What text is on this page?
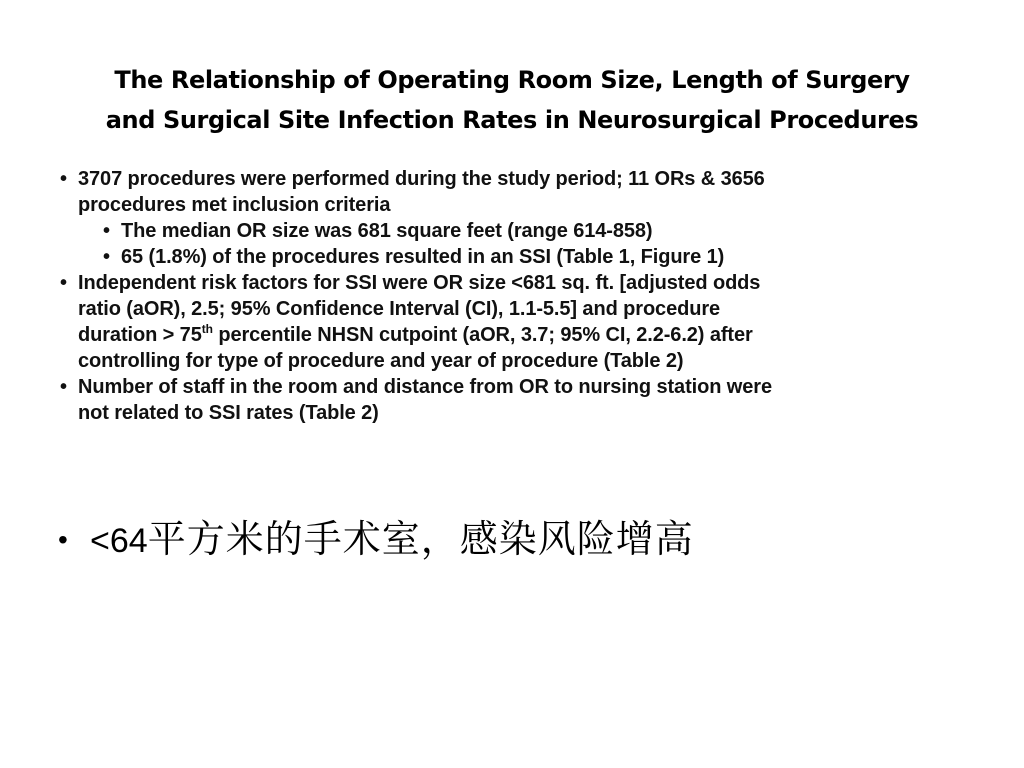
The Relationship of Operating Room Size, Length of Surgery
and Surgical Site Infection Rates in Neurosurgical Procedures
• 3707 procedures were performed during the study period; 11 ORs & 3656
procedures met inclusion criteria
• The median OR size was 681 square feet (range 614-858)
• 65 (1.8%) of the procedures resulted in an SSI (Table 1, Figure 1)
• Independent risk factors for SSI were OR size <681 sq. ft. [adjusted odds
ratio (aOR), 2.5; 95% Confidence Interval (CI), 1.1-5.5] and procedure
duration > 75th percentile NHSN cutpoint (aOR, 3.7; 95% CI, 2.2-6.2) after
controlling for type of procedure and year of procedure (Table 2)
• Number of staff in the room and distance from OR to nursing station were
not related to SSI rates (Table 2)
• <64平方米的手术室，感染风险增高
